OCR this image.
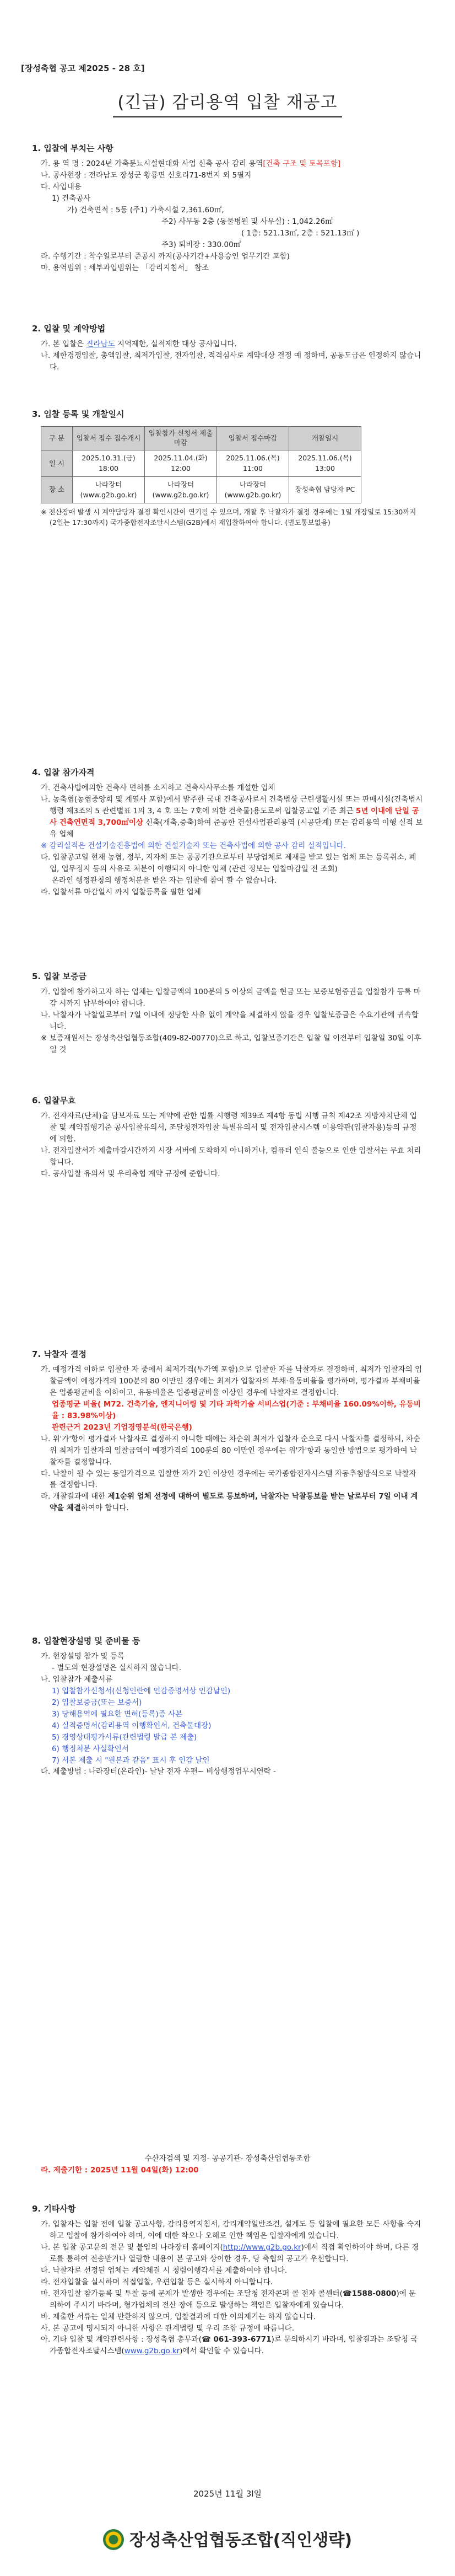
[장성축협 공고 제2025 - 28 호]
(긴급) 감리용역 입찰 재공고

1. 입찰에 부치는 사항

가. 용 역 명 : 2024년 가축분뇨시설현대화 사업 신축 공사 감리 용역[건축 구조 및 토목포함]

나. 공사현장 : 전라남도 장성군 황룡면 신호리71-8번지 외 5필지

다. 사업내용

1) 건축공사

가) 건축면적 : 5동 (주1) 가축시설 2,361.60㎡,

주2) 사무동 2층 (동물병원 및 사무실) : 1,042.26㎡

( 1층: 521.13㎡, 2층 : 521.13㎡ )

주3) 퇴비장 : 330.00㎡

라. 수행기간 : 착수일로부터 준공시 까지(공사기간+사용승인 업무기간 포함)

마. 용역범위 : 세부과업범위는 「감리지침서」 참조

2. 입찰 및 계약방법

가. 본 입찰은 진라남도 지역제한, 실적제한 대상 공사입니다.

나. 제한경쟁입찰, 총액입찰, 최저가입찰, 전자입찰, 적격심사로 계약대상 결정 예 정하며, 공동도급은 인정하지 않습니다.

3. 입찰 등록 및 개찰일시

구 분	입찰서 접수 접수개시	입찰참가 신청서 제출마감	입찰서 접수마감	개찰일시
일 시	2025.10.31.(금) 18:00	2025.11.04.(화) 12:00	2025.11.06.(목) 11:00	2025.11.06.(목) 13:00
장 소	나라장터 (www.g2b.go.kr)	나라장터 (www.g2b.go.kr)	나라장터 (www.g2b.go.kr)	장성축협 담당자 PC

※ 전산장애 발생 시 계약담당자 결정 확인시간이 연기될 수 있으며, 개찰 후 낙찰자가 결정 경우에는 1일 개장일로 15:30까지 (2일는 17:30까지) 국가종합전자조달시스템(G2B)에서 재입찰하여야 합니다. (별도통보없음)

4. 입찰 참가자격

가. 건축사법에의한 건축사 면허를 소지하고 건축사사무소를 개설한 업체

나. 농축협(농협중앙회 및 계열사 포함)에서 발주한 국내 건축공사로서 건축법상 근린생활시설 또는 판매시설(건축법시행령 제3조의 5 관련별표 1의 3, 4 호 또는 7호에 의한 건축물)용도로써 입찰공고일 기준 최근 5년 이내에 단일 공사 건축연면적 3,700㎡이상 신축(개축,증축)하여 준공한 건설사업관리용역 (시공단계) 또는 감리용역 이행 실적 보유 업체

※ 감리실적은 건설기술진흥법에 의한 건설기술자 또는 건축사법에 의한 공사 감리 실적입니다.

다. 입찰공고일 현재 농협, 정부, 지자체 또는 공공기관으로부터 부당업체로 제재를 받고 있는 업체 또는 등록취소, 폐업, 업무정지 등의 사유로 처분이 이행되지 아니한 업체 (관련 정보는 입찰마감일 전 조회)

온라인 행정관청의 행정처분을 받은 자는 입찰에 참여 할 수 없습니다.

라. 입찰서류 마감일시 까지 입찰등록을 필한 업체

5. 입찰 보증금

가. 입찰에 참가하고자 하는 업체는 입찰금액의 100분의 5 이상의 금액을 현금 또는 보증보험증권을 입찰참가 등록 마감 시까지 납부하여야 합니다.

나. 낙찰자가 낙찰일로부터 7일 이내에 정당한 사유 없이 계약을 체결하지 않을 경우 입찰보증금은 수요기관에 귀속합니다.

※ 보증재원서는 장성축산업협동조합(409-82-00770)으로 하고, 입찰보증기간은 입찰 일 이전부터 입찰일 30일 이후일 것

6. 입찰무효

가. 전자자료(단체)을 담보자료 또는 계약에 관한 법률 시행령 제39조 제4항 동법 시행 규칙 제42조 지방자치단체 입찰 및 계약집행기준 공사입찰유의서, 조달청전자입찰 특별유의서 및 전자입찰시스템 이용약관(입찰자용)등의 규정에 의함.

나. 전자입찰서가 제출마감시간까지 시장 서버에 도착하지 아니하거나, 컴퓨터 인식 불능으로 인한 입찰서는 무효 처리합니다.

다. 공사입찰 유의서 및 우리축협 계약 규정에 준합니다.

7. 낙찰자 결정

가. 예정가격 이하로 입찰한 자 중에서 최저가격(투가액 포함)으로 입찰한 자를 낙찰자로 결정하며, 최저가 입찰자의 입찰금액이 예정가격의 100분의 80 이만인 경우에는 최저가 입찰자의 부채·유동비율을 평가하며, 평가결과 부채비율은 업종평균비율 이하이고, 유동비율은 업종평균비율 이상인 경우에 낙찰자로 결정합니다.

업종평균 비율( M72. 건축기술, 엔지니어링 및 기타 과학기술 서비스업(기준 : 부채비율 160.09%이하, 유동비율 : 83.98%이상)

관련근거 2023년 기업경영분석(한국은행)

나. 위'가'항이 평가결과 낙찰자로 결정하지 아니한 때에는 차순위 최저가 입찰자 순으로 다시 낙찰자를 결정하되, 차순위 최저가 입찰자의 입찰금액이 예정가격의 100분의 80 이만인 경우에는 위'가'항과 동일한 방법으로 평가하여 낙찰자를 결정합니다.

다. 낙찰이 될 수 있는 동일가격으로 입찰한 자가 2인 이상인 경우에는 국가종합전자시스템 자동추첨방식으로 낙찰자를 결정합니다.

라. 개찰결과에 대한 제1순위 업체 선정에 대하여 별도로 통보하며, 낙찰자는 낙찰통보를 받는 날로부터 7일 이내 계약을 체결하여야 합니다.

8. 입찰현장설명 및 준비물 등

가. 현장설명 참가 및 등록

- 별도의 현장설명은 실시하지 않습니다.

나. 입찰참가 제출서류

1) 입찰참가신청서(신청인란에 인감증명서상 인감날인)

2) 입찰보증금(또는 보증서)

3) 당해용역에 필요한 면허(등록)증 사본

4) 실적증명서(감리용역 이행확인서, 건축물대장)

5) 경영상태평가서류(관련법령 발급 본 제출)

6) 행정처분 사실확인서

7) 서본 제출 시 "원본과 같음" 표시 후 인감 날인

다. 제출방법 : 나라장터(온라인)- 날날 전자 우편~ 비상행정업무시연락 -

수산자검색 및 지정- 공공기관- 장성축산업협동조합

라. 제출기한 : 2025년 11월 04일(화) 12:00

9. 기타사항

가. 입찰자는 입찰 전에 입찰 공고사항, 감리용역지침서, 감리계약일반조건, 설계도 등 입찰에 필요한 모든 사항을 숙지하고 입찰에 참가하여야 하며, 이에 대한 착오나 오해로 인한 책임은 입찰자에게 있습니다.

나. 본 입찰 공고문의 전문 및 붙임의 나라장터 홈페이지(http://www.g2b.go.kr)에서 직접 확인하여야 하며, 다른 경로를 통하여 전송받거나 열람한 내용이 본 공고와 상이한 경우, 당 축협의 공고가 우선합니다.

다. 낙찰자로 선정된 업체는 계약체결 시 청렴이행각서를 제출하여야 합니다.

라. 전자입찰을 실시하며 직접입찰, 우편입찰 등은 실시하지 아니합니다.

마. 전자입찰 참가등록 및 투찰 등에 문제가 발생한 경우에는 조달청 전자콘퍼 콜 전자 콜센터(☎1588-0800)에 문의하여 주시기 바라며, 형가업체의 전산 장애 등으로 발생하는 책임은 입찰자에게 있습니다.

바. 제출한 서류는 일체 반환하지 않으며, 입찰결과에 대한 이의제기는 하지 않습니다.

사. 본 공고에 명시되지 아니한 사항은 관계법령 및 우리 조합 규정에 따릅니다.

아. 기타 입찰 및 계약관련사항 : 장성축협 총무과(☎ 061-393-6771)로 문의하시기 바라며, 입찰결과는 조달청 국가종합전자조달시스템(www.g2b.go.kr)에서 확인할 수 있습니다.

2025년 11월 3l일
장성축산업협동조합(직인생략)
